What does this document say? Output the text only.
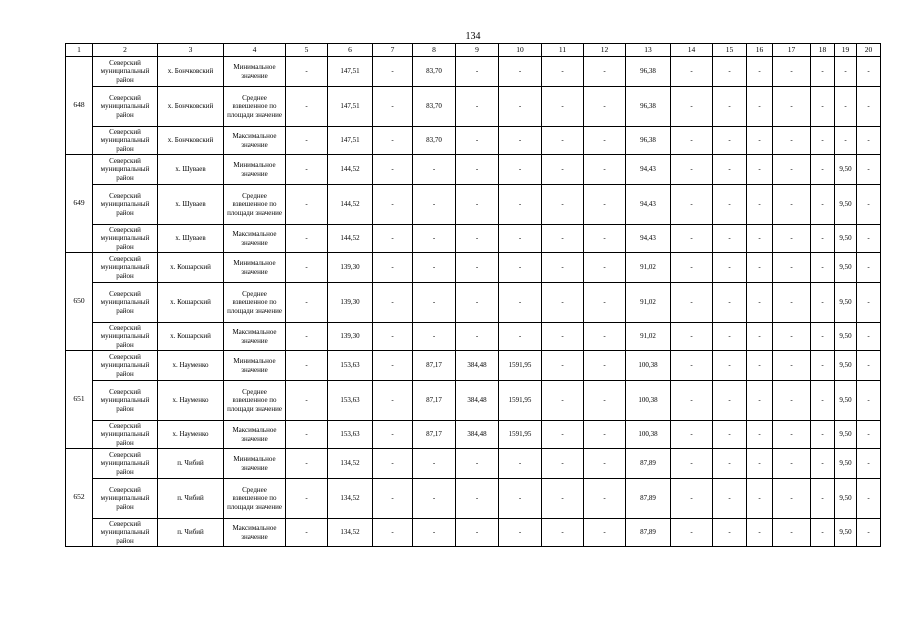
134
1	2	3	4	5	6	7	8	9	10	11	12	13	14	15	16	17	18	19	20
648	Северский муниципальный район	х. Бончковский	Минимальное значение	-	147,51	-	83,70	-	-	-	-	96,38	-	-	-	-	-	-	-
	Северский муниципальный район	х. Бончковский	Среднее взвешенное по площади значение	-	147,51	-	83,70	-	-	-	-	96,38	-	-	-	-	-	-	-
	Северский муниципальный район	х. Бончковский	Максимальное значение	-	147,51	-	83,70	-	-	-	-	96,38	-	-	-	-	-	-	-
649	Северский муниципальный район	х. Шуваев	Минимальное значение	-	144,52	-	-	-	-	-	-	94,43	-	-	-	-	-	9,50	-
	Северский муниципальный район	х. Шуваев	Среднее взвешенное по площади значение	-	144,52	-	-	-	-	-	-	94,43	-	-	-	-	-	9,50	-
	Северский муниципальный район	х. Шуваев	Максимальное значение	-	144,52	-	-	-	-	-	-	94,43	-	-	-	-	-	9,50	-
650	Северский муниципальный район	х. Кошарский	Минимальное значение	-	139,30	-	-	-	-	-	-	91,02	-	-	-	-	-	9,50	-
	Северский муниципальный район	х. Кошарский	Среднее взвешенное по площади значение	-	139,30	-	-	-	-	-	-	91,02	-	-	-	-	-	9,50	-
	Северский муниципальный район	х. Кошарский	Максимальное значение	-	139,30	-	-	-	-	-	-	91,02	-	-	-	-	-	9,50	-
651	Северский муниципальный район	х. Науменко	Минимальное значение	-	153,63	-	87,17	384,48	1591,95	-	-	100,38	-	-	-	-	-	9,50	-
	Северский муниципальный район	х. Науменко	Среднее взвешенное по площади значение	-	153,63	-	87,17	384,48	1591,95	-	-	100,38	-	-	-	-	-	9,50	-
	Северский муниципальный район	х. Науменко	Максимальное значение	-	153,63	-	87,17	384,48	1591,95	-	-	100,38	-	-	-	-	-	9,50	-
652	Северский муниципальный район	п. Чибий	Минимальное значение	-	134,52	-	-	-	-	-	-	87,89	-	-	-	-	-	9,50	-
	Северский муниципальный район	п. Чибий	Среднее взвешенное по площади значение	-	134,52	-	-	-	-	-	-	87,89	-	-	-	-	-	9,50	-
	Северский муниципальный район	п. Чибий	Максимальное значение	-	134,52	-	-	-	-	-	-	87,89	-	-	-	-	-	9,50	-
